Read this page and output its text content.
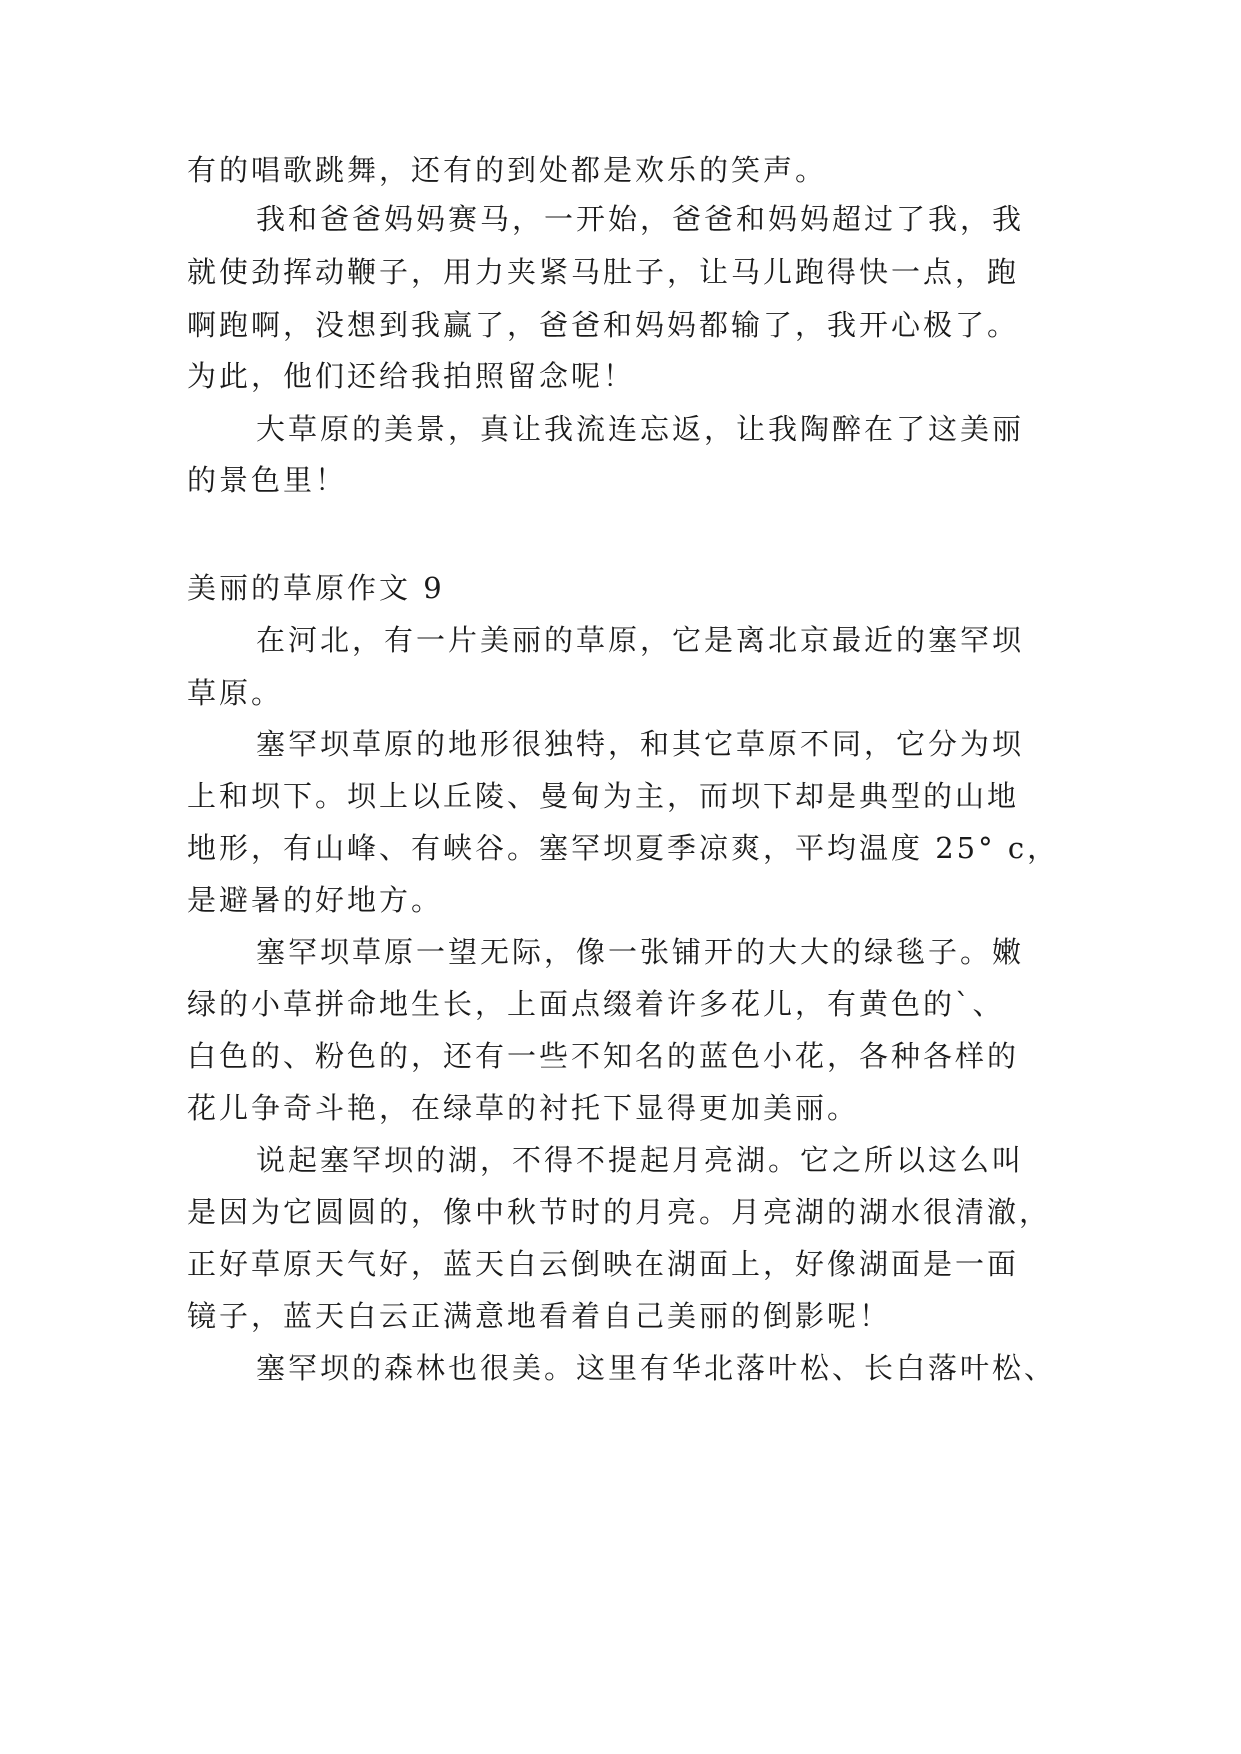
有的唱歌跳舞，还有的到处都是欢乐的笑声。
我和爸爸妈妈赛马，一开始，爸爸和妈妈超过了我，我
就使劲挥动鞭子，用力夹紧马肚子，让马儿跑得快一点，跑
啊跑啊，没想到我赢了，爸爸和妈妈都输了，我开心极了。
为此，他们还给我拍照留念呢！
大草原的美景，真让我流连忘返，让我陶醉在了这美丽
的景色里！
美丽的草原作文 9
在河北，有一片美丽的草原，它是离北京最近的塞罕坝
草原。
塞罕坝草原的地形很独特，和其它草原不同，它分为坝
上和坝下。坝上以丘陵、曼甸为主，而坝下却是典型的山地
地形，有山峰、有峡谷。塞罕坝夏季凉爽，平均温度 25° c，
是避暑的好地方。
塞罕坝草原一望无际，像一张铺开的大大的绿毯子。嫩
绿的小草拼命地生长，上面点缀着许多花儿，有黄色的`、
白色的、粉色的，还有一些不知名的蓝色小花，各种各样的
花儿争奇斗艳，在绿草的衬托下显得更加美丽。
说起塞罕坝的湖，不得不提起月亮湖。它之所以这么叫
是因为它圆圆的，像中秋节时的月亮。月亮湖的湖水很清澈，
正好草原天气好，蓝天白云倒映在湖面上，好像湖面是一面
镜子，蓝天白云正满意地看着自己美丽的倒影呢！
塞罕坝的森林也很美。这里有华北落叶松、长白落叶松、
